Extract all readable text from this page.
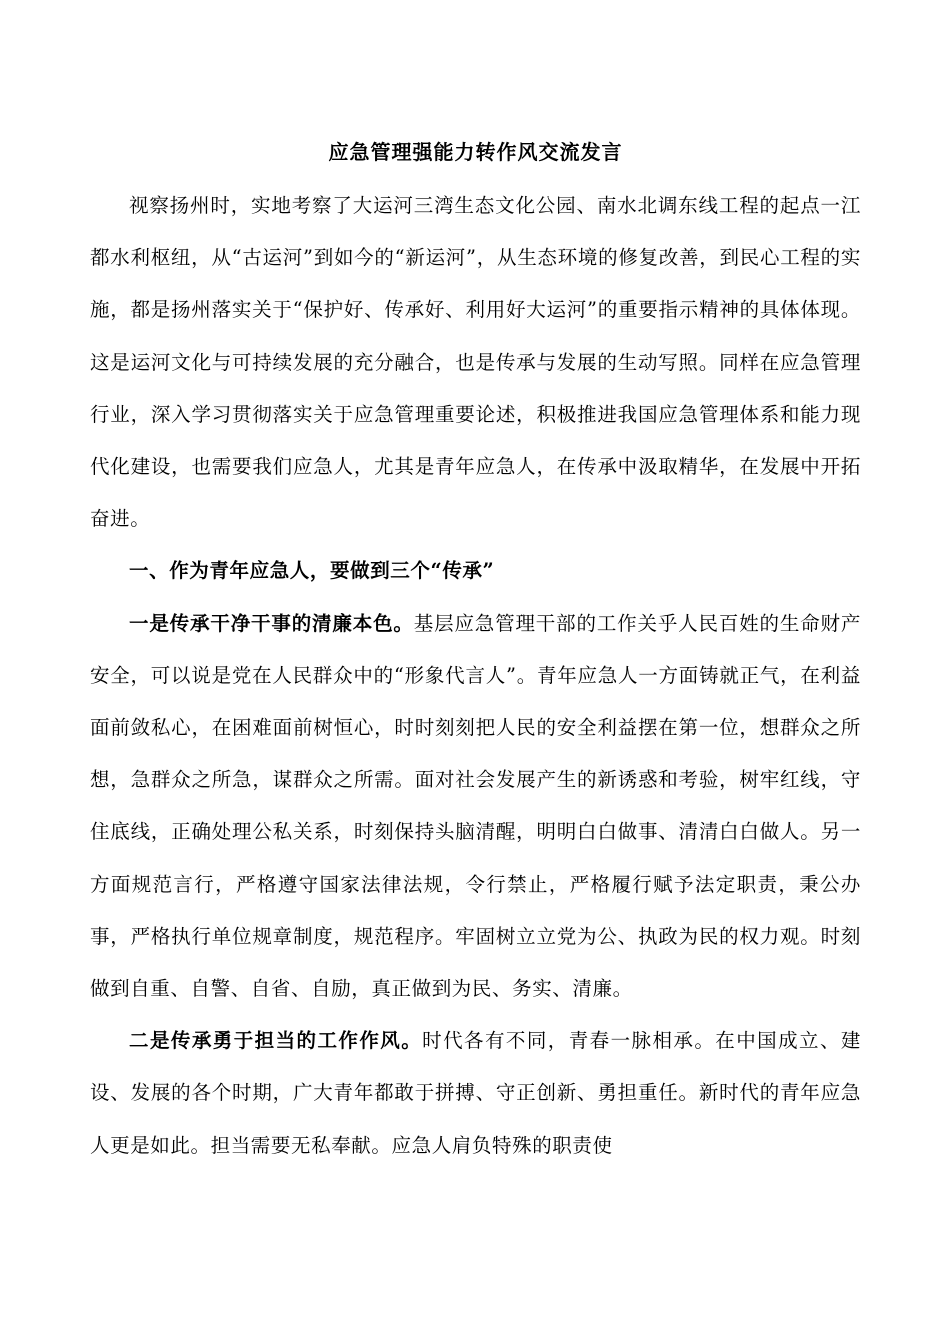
应急管理强能力转作风交流发言

视察扬州时，实地考察了大运河三湾生态文化公园、南水北调东线工程的起点一江都水利枢纽，从“古运河”到如今的“新运河”，从生态环境的修复改善，到民心工程的实施，都是扬州落实关于“保护好、传承好、利用好大运河”的重要指示精神的具体体现。这是运河文化与可持续发展的充分融合，也是传承与发展的生动写照。同样在应急管理行业，深入学习贯彻落实关于应急管理重要论述，积极推进我国应急管理体系和能力现代化建设，也需要我们应急人，尤其是青年应急人，在传承中汲取精华，在发展中开拓奋进。

一、作为青年应急人，要做到三个“传承”

一是传承干净干事的清廉本色。基层应急管理干部的工作关乎人民百姓的生命财产安全，可以说是党在人民群众中的“形象代言人”。青年应急人一方面铸就正气，在利益面前敛私心，在困难面前树恒心，时时刻刻把人民的安全利益摆在第一位，想群众之所想，急群众之所急，谋群众之所需。面对社会发展产生的新诱惑和考验，树牢红线，守住底线，正确处理公私关系，时刻保持头脑清醒，明明白白做事、清清白白做人。另一方面规范言行，严格遵守国家法律法规，令行禁止，严格履行赋予法定职责，秉公办事，严格执行单位规章制度，规范程序。牢固树立立党为公、执政为民的权力观。时刻做到自重、自警、自省、自励，真正做到为民、务实、清廉。

二是传承勇于担当的工作作风。时代各有不同，青春一脉相承。在中国成立、建设、发展的各个时期，广大青年都敢于拼搏、守正创新、勇担重任。新时代的青年应急人更是如此。担当需要无私奉献。应急人肩负特殊的职责使
